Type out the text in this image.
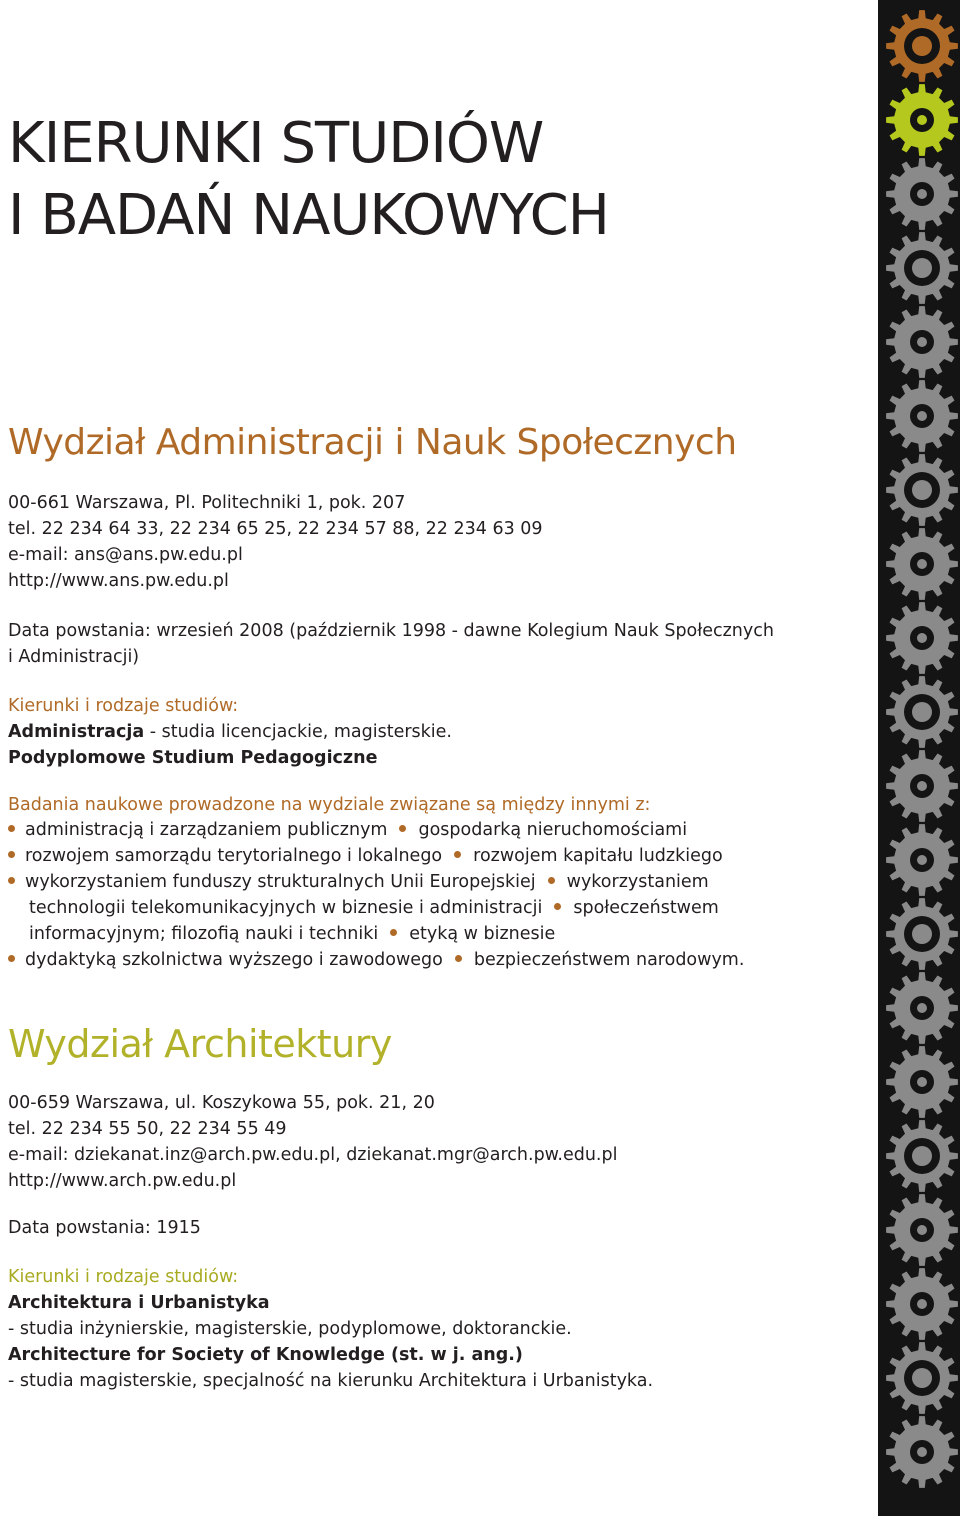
KIERUNKI STUDIÓW
I BADAŃ NAUKOWYCH
Wydział Administracji i Nauk Społecznych
00-661 Warszawa, Pl. Politechniki 1, pok. 207
tel. 22 234 64 33, 22 234 65 25, 22 234 57 88, 22 234 63 09
e-mail: ans@ans.pw.edu.pl
http://www.ans.pw.edu.pl
Data powstania: wrzesień 2008 (październik 1998 - dawne Kolegium Nauk Społecznych
i Administracji)
Kierunki i rodzaje studiów:
Administracja - studia licencjackie, magisterskie.
Podyplomowe Studium Pedagogiczne
Badania naukowe prowadzone na wydziale związane są między innymi z:
administracją i zarządzaniem publicznym gospodarką nieruchomościami
rozwojem samorządu terytorialnego i lokalnego rozwojem kapitału ludzkiego
wykorzystaniem funduszy strukturalnych Unii Europejskiej wykorzystaniem
technologii telekomunikacyjnych w biznesie i administracji społeczeństwem
informacyjnym; filozofią nauki i techniki etyką w biznesie
dydaktyką szkolnictwa wyższego i zawodowego bezpieczeństwem narodowym.
Wydział Architektury
00-659 Warszawa, ul. Koszykowa 55, pok. 21, 20
tel. 22 234 55 50, 22 234 55 49
e-mail: dziekanat.inz@arch.pw.edu.pl, dziekanat.mgr@arch.pw.edu.pl
http://www.arch.pw.edu.pl
Data powstania: 1915
Kierunki i rodzaje studiów:
Architektura i Urbanistyka
- studia inżynierskie, magisterskie, podyplomowe, doktoranckie.
Architecture for Society of Knowledge (st. w j. ang.)
- studia magisterskie, specjalność na kierunku Architektura i Urbanistyka.
